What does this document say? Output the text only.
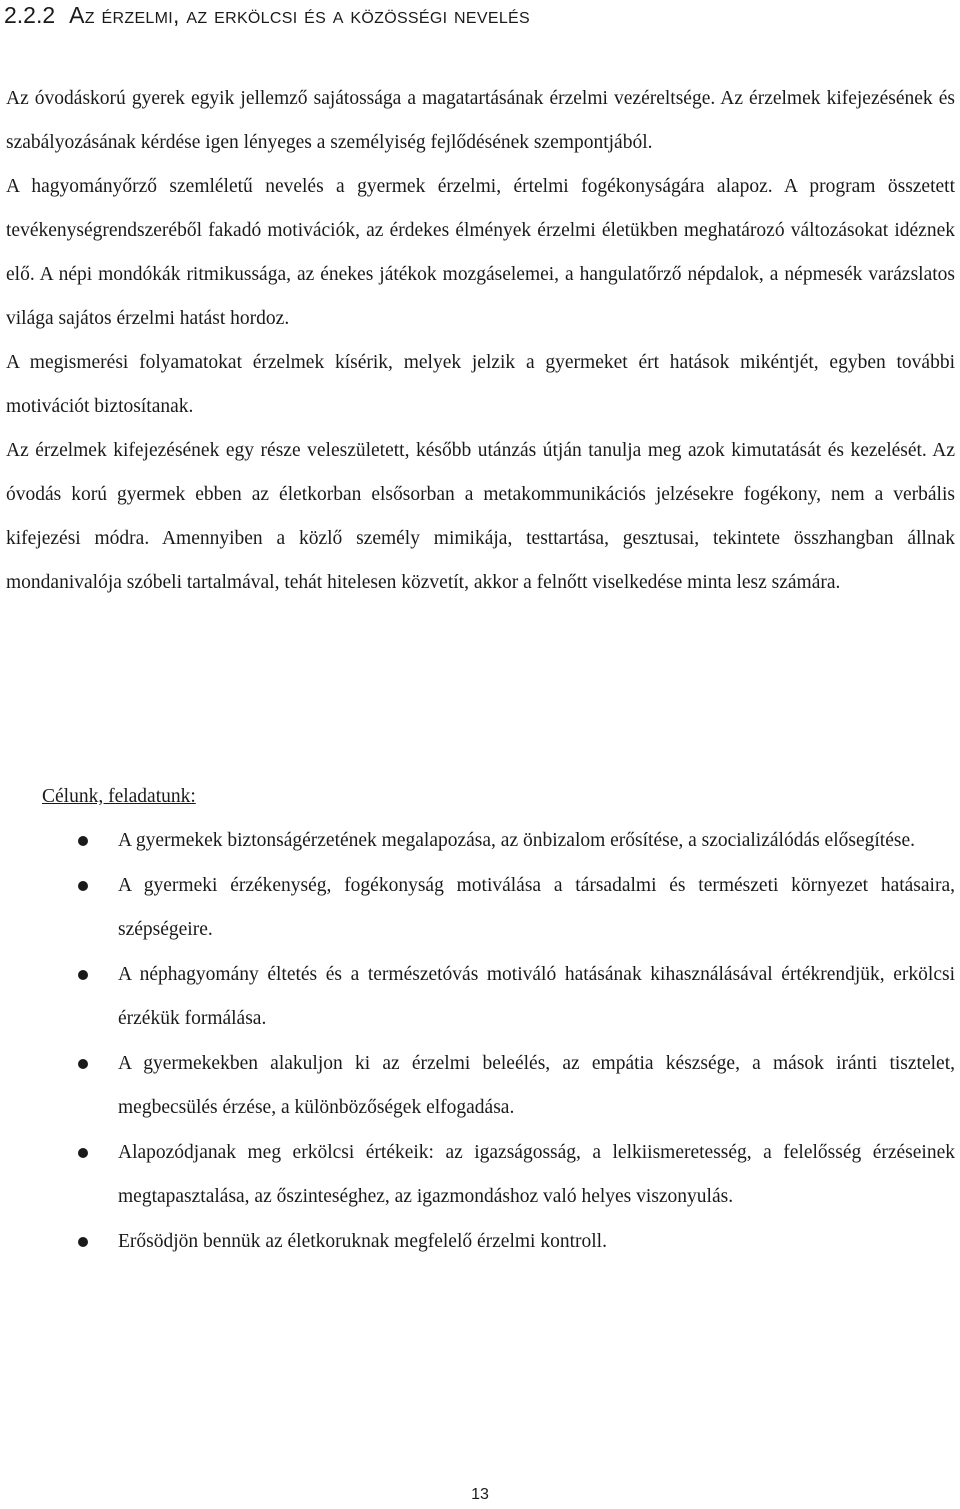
2.2.2 Az érzelmi, az erkölcsi és a közösségi nevelés

Az óvodáskorú gyerek egyik jellemző sajátossága a magatartásának érzelmi vezéreltsége. Az érzelmek kifejezésének és szabályozásának kérdése igen lényeges a személyiség fejlődésének szempontjából.

A hagyományőrző szemléletű nevelés a gyermek érzelmi, értelmi fogékonyságára alapoz. A program összetett tevékenységrendszeréből fakadó motivációk, az érdekes élmények érzelmi életükben meghatározó változásokat idéznek elő. A népi mondókák ritmikussága, az énekes játékok mozgáselemei, a hangulatőrző népdalok, a népmesék varázslatos világa sajátos érzelmi hatást hordoz.

A megismerési folyamatokat érzelmek kísérik, melyek jelzik a gyermeket ért hatások mikéntjét, egyben további motivációt biztosítanak.

Az érzelmek kifejezésének egy része veleszületett, később utánzás útján tanulja meg azok kimutatását és kezelését. Az óvodás korú gyermek ebben az életkorban elsősorban a metakommunikációs jelzésekre fogékony, nem a verbális kifejezési módra. Amennyiben a közlő személy mimikája, testtartása, gesztusai, tekintete összhangban állnak mondanivalója szóbeli tartalmával, tehát hitelesen közvetít, akkor a felnőtt viselkedése minta lesz számára.

Célunk, feladatunk:
A gyermekek biztonságérzetének megalapozása, az önbizalom erősítése, a szocializálódás elősegítése.
A gyermeki érzékenység, fogékonyság motiválása a társadalmi és természeti környezet hatásaira, szépségeire.
A néphagyomány éltetés és a természetóvás motiváló hatásának kihasználásával értékrendjük, erkölcsi érzékük formálása.
A gyermekekben alakuljon ki az érzelmi beleélés, az empátia készsége, a mások iránti tisztelet, megbecsülés érzése, a különbözőségek elfogadása.
Alapozódjanak meg erkölcsi értékeik: az igazságosság, a lelkiismeretesség, a felelősség érzéseinek megtapasztalása, az őszinteséghez, az igazmondáshoz való helyes viszonyulás.
Erősödjön bennük az életkoruknak megfelelő érzelmi kontroll.
13
